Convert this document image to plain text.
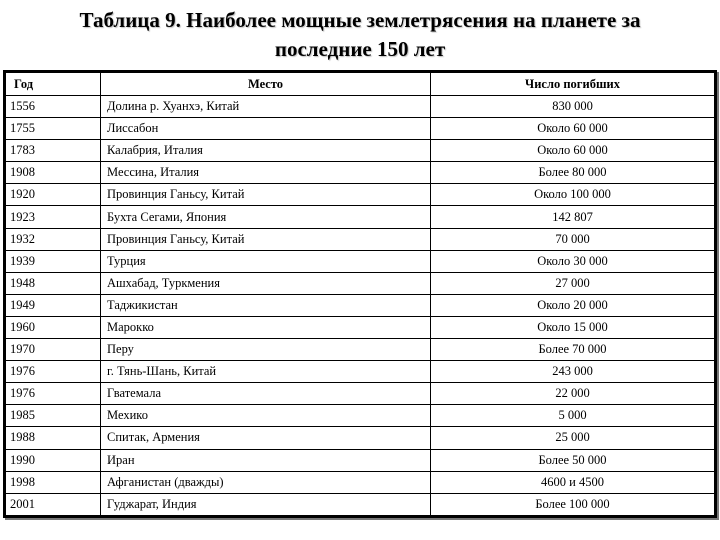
Таблица 9. Наиболее мощные землетрясения на планете за
последние 150 лет
Год	Место	Число погибших
1556	Долина р. Хуанхэ, Китай	830 000
1755	Лиссабон	Около 60 000
1783	Калабрия, Италия	Около 60 000
1908	Мессина, Италия	Более 80 000
1920	Провинция Ганьсу, Китай	Около 100 000
1923	Бухта Сегами, Япония	142 807
1932	Провинция Ганьсу, Китай	70 000
1939	Турция	Около 30 000
1948	Ашхабад, Туркмения	27 000
1949	Таджикистан	Около 20 000
1960	Марокко	Около 15 000
1970	Перу	Более 70 000
1976	г. Тянь-Шань, Китай	243 000
1976	Гватемала	22 000
1985	Мехико	5 000
1988	Спитак, Армения	25 000
1990	Иран	Более 50 000
1998	Афганистан (дважды)	4600 и 4500
2001	Гуджарат, Индия	Более 100 000
